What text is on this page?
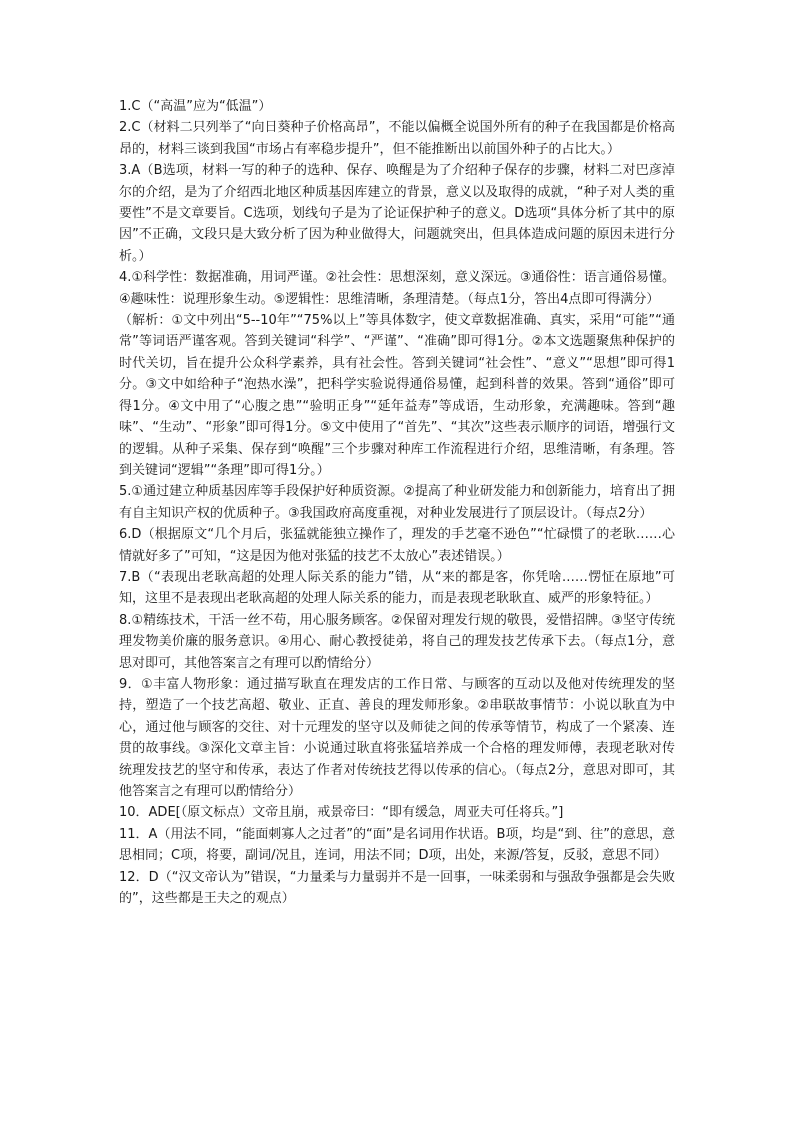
1.C（“高温”应为“低温”）

2.C（材料二只列举了“向日葵种子价格高昂”，不能以偏概全说国外所有的种子在我国都是价格高昂的，材料三谈到我国“市场占有率稳步提升”，但不能推断出以前国外种子的占比大。）

3.A（B选项，材料一写的种子的选种、保存、唤醒是为了介绍种子保存的步骤，材料二对巴彦淖尔的介绍，是为了介绍西北地区种质基因库建立的背景，意义以及取得的成就，“种子对人类的重要性”不是文章要旨。C选项，划线句子是为了论证保护种子的意义。D选项“具体分析了其中的原因”不正确，文段只是大致分析了因为种业做得大，问题就突出，但具体造成问题的原因未进行分析。）

4.①科学性：数据准确，用词严谨。②社会性：思想深刻，意义深远。③通俗性：语言通俗易懂。④趣味性：说理形象生动。⑤逻辑性：思维清晰，条理清楚。（每点1分，答出4点即可得满分）

（解析：①文中列出“5--10年”“75%以上”等具体数字，使文章数据准确、真实，采用“可能”“通常”等词语严谨客观。答到关键词“科学”、“严谨”、“准确”即可得1分。②本文选题聚焦种保护的时代关切，旨在提升公众科学素养，具有社会性。答到关键词“社会性”、“意义”“思想”即可得1分。③文中如给种子“泡热水澡”，把科学实验说得通俗易懂，起到科普的效果。答到“通俗”即可得1分。④文中用了“心腹之患”“验明正身”“延年益寿”等成语，生动形象，充满趣味。答到“趣味”、“生动”、“形象”即可得1分。⑤文中使用了“首先”、“其次”这些表示顺序的词语，增强行文的逻辑。从种子采集、保存到“唤醒”三个步骤对种库工作流程进行介绍，思维清晰，有条理。答到关键词“逻辑”“条理”即可得1分。）

5.①通过建立种质基因库等手段保护好种质资源。②提高了种业研发能力和创新能力，培育出了拥有自主知识产权的优质种子。③我国政府高度重视，对种业发展进行了顶层设计。（每点2分）

6.D（根据原文“几个月后，张猛就能独立操作了，理发的手艺毫不逊色”“忙碌惯了的老耿……心情就好多了”可知，“这是因为他对张猛的技艺不太放心”表述错误。）

7.B（“表现出老耿高超的处理人际关系的能力”错，从“来的都是客，你凭啥……愣怔在原地”可知，这里不是表现出老耿高超的处理人际关系的能力，而是表现老耿耿直、威严的形象特征。）

8.①精练技术，干活一丝不苟，用心服务顾客。②保留对理发行规的敬畏，爱惜招牌。③坚守传统理发物美价廉的服务意识。④用心、耐心教授徒弟，将自己的理发技艺传承下去。（每点1分，意思对即可，其他答案言之有理可以酌情给分）

9．①丰富人物形象：通过描写耿直在理发店的工作日常、与顾客的互动以及他对传统理发的坚持，塑造了一个技艺高超、敬业、正直、善良的理发师形象。②串联故事情节：小说以耿直为中心，通过他与顾客的交往、对十元理发的坚守以及师徒之间的传承等情节，构成了一个紧凑、连贯的故事线。③深化文章主旨：小说通过耿直将张猛培养成一个合格的理发师傅，表现老耿对传统理发技艺的坚守和传承，表达了作者对传统技艺得以传承的信心。（每点2分，意思对即可，其他答案言之有理可以酌情给分）

10．ADE[（原文标点）文帝且崩，戒景帝曰：“即有缓急，周亚夫可任将兵。”]

11．A（用法不同，“能面刺寡人之过者”的“面”是名词用作状语。B项，均是“到、往”的意思，意思相同；C项，将要，副词/况且，连词，用法不同；D项，出处，来源/答复，反驳，意思不同）

12．D（“汉文帝认为”错误，“力量柔与力量弱并不是一回事，一味柔弱和与强敌争强都是会失败的”，这些都是王夫之的观点）
